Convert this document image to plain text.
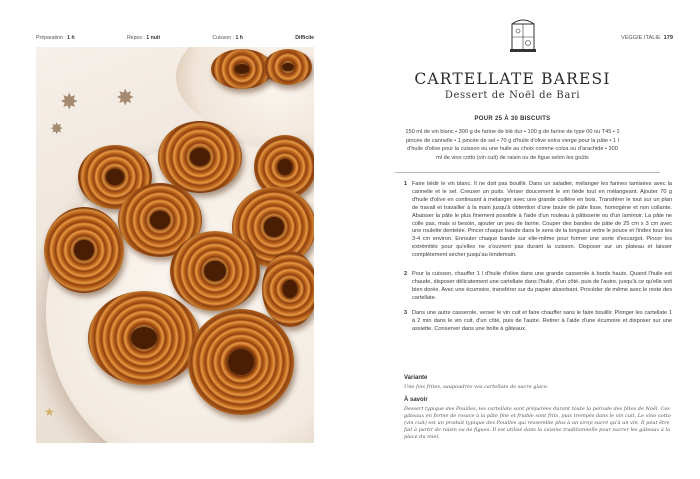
Préparation : 1 h	Repos : 1 nuit	Cuisson : 1 h	Difficile
✸ ✸
✸
★
VEGGIE ITALIE 179
CARTELLATE BARESI
Dessert de Noël de Bari
POUR 25 À 30 BISCUITS
150 ml de vin blanc • 300 g de farine de blé dur • 100 g de farine de type 00 ou T45 • 1 pincée de cannelle • 1 pincée de sel • 70 g d'huile d'olive extra vierge pour la pâte • 1 l d'huile d'olive pour la cuisson ou une huile au choix comme colza ou d'arachide • 300 ml de vino cotto (vin cuit) de raisin ou de figue selon les goûts
1 Faire tiédir le vin blanc. Il ne doit pas bouillir. Dans un saladier, mélanger les farines tamisées avec la cannelle et le sel. Creuser un puits. Verser doucement le vin tiède tout en mélangeant. Ajouter 70 g d'huile d'olive en continuant à mélanger avec une grande cuillère en bois. Transférer le tout sur un plan de travail et travailler à la main jusqu'à obtention d'une boule de pâte lisse, homogène et non collante. Abaisser la pâte le plus finement possible à l'aide d'un rouleau à pâtisserie ou d'un laminoir. La pâte ne colle pas, mais si besoin, ajouter un peu de farine. Couper des bandes de pâte de 25 cm x 3 cm avec une roulette dentelée. Pincer chaque bande dans le sens de la longueur entre le pouce et l'index tous les 3-4 cm environ. Enrouler chaque bande sur elle-même pour former une sorte d'escargot. Pincer les extrémités pour qu'elles ne s'ouvrent pas durant la cuisson. Disposer sur un plateau et laisser complètement sécher jusqu'au lendemain.
2 Pour la cuisson, chauffer 1 l d'huile d'olive dans une grande casserole à bords hauts. Quand l'huile est chaude, disposer délicatement une cartellate dans l'huile, d'un côté, puis de l'autre, jusqu'à ce qu'elle soit bien dorée. Avec une écumoire, transférer sur du papier absorbant. Procéder de même avec le reste des cartellate.
3 Dans une autre casserole, verser le vin cuit et faire chauffer sans le faire bouillir. Plonger les cartellate 1 à 2 min dans le vin cuit, d'un côté, puis de l'autre. Retirer à l'aide d'une écumoire et disposer sur une assiette. Conserver dans une boîte à gâteaux.
Variante
Une fois frites, saupoudrez vos cartellate de sucre glace.
À savoir
Dessert typique des Pouilles, les cartellate sont préparées durant toute la période des fêtes de Noël. Ces gâteaux en forme de rosace à la pâte fine et friable sont frits, puis trempés dans le vin cuit. Le vino cotto (vin cuit) est un produit typique des Pouilles qui ressemble plus à un sirop sucré qu'à un vin. Il peut être fait à partir de raisin ou de figues. Il est utilisé dans la cuisine traditionnelle pour sucrer les gâteaux à la place du miel.
